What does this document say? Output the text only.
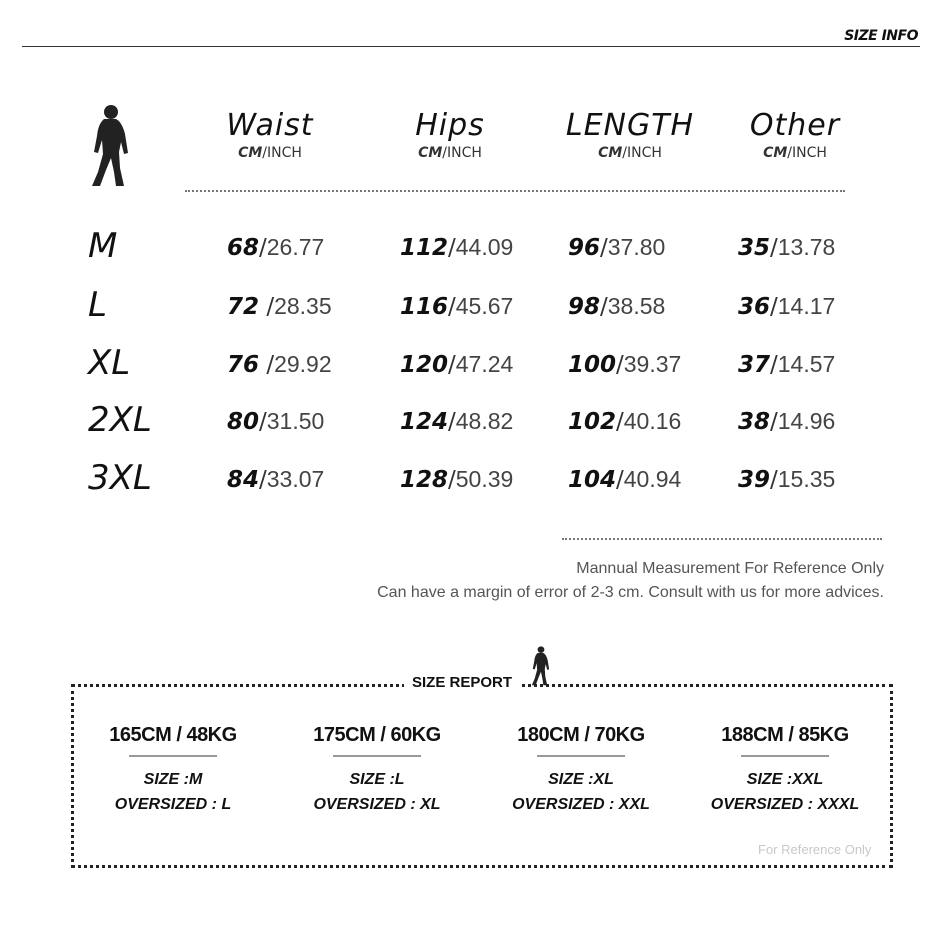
SIZE INFO
Waist
CM/INCH
Hips
CM/INCH
LENGTH
CM/INCH
Other
CM/INCH
M	68/26.77	112/44.09 96/37.80	35/13.78
L	72 /28.35	116/45.67 98/38.58	36/14.17
XL	76 /29.92	120/47.24 100/39.37 37/14.57
2XL	80/31.50	124/48.82 102/40.16 38/14.96
3XL	84/33.07	128/50.39 104/40.94 39/15.35
Mannual Measurement For Reference Only
Can have a margin of error of 2-3 cm. Consult with us for more advices.
SIZE REPORT
165CM / 48KG
SIZE :M
OVERSIZED : L
175CM / 60KG
SIZE :L
OVERSIZED : XL
180CM / 70KG
SIZE :XL
OVERSIZED : XXL
188CM / 85KG
SIZE :XXL
OVERSIZED : XXXL
For Reference Only
